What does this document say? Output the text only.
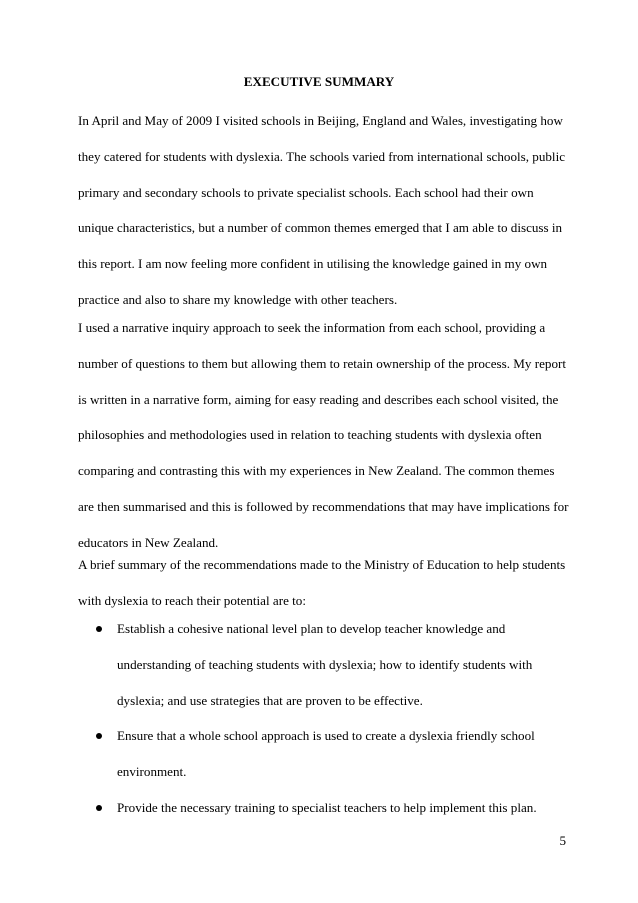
EXECUTIVE SUMMARY
In April and May of 2009 I visited schools in Beijing, England and Wales, investigating how
they catered for students with dyslexia. The schools varied from international schools, public
primary and secondary schools to private specialist schools. Each school had their own
unique characteristics, but a number of common themes emerged that I am able to discuss in
this report. I am now feeling more confident in utilising the knowledge gained in my own
practice and also to share my knowledge with other teachers.
I used a narrative inquiry approach to seek the information from each school, providing a
number of questions to them but allowing them to retain ownership of the process. My report
is written in a narrative form, aiming for easy reading and describes each school visited, the
philosophies and methodologies used in relation to teaching students with dyslexia often
comparing and contrasting this with my experiences in New Zealand. The common themes
are then summarised and this is followed by recommendations that may have implications for
educators in New Zealand.
A brief summary of the recommendations made to the Ministry of Education to help students
with dyslexia to reach their potential are to:
Establish a cohesive national level plan to develop teacher knowledge and
understanding of teaching students with dyslexia; how to identify students with
dyslexia; and use strategies that are proven to be effective.
Ensure that a whole school approach is used to create a dyslexia friendly school
environment.
Provide the necessary training to specialist teachers to help implement this plan.
5
